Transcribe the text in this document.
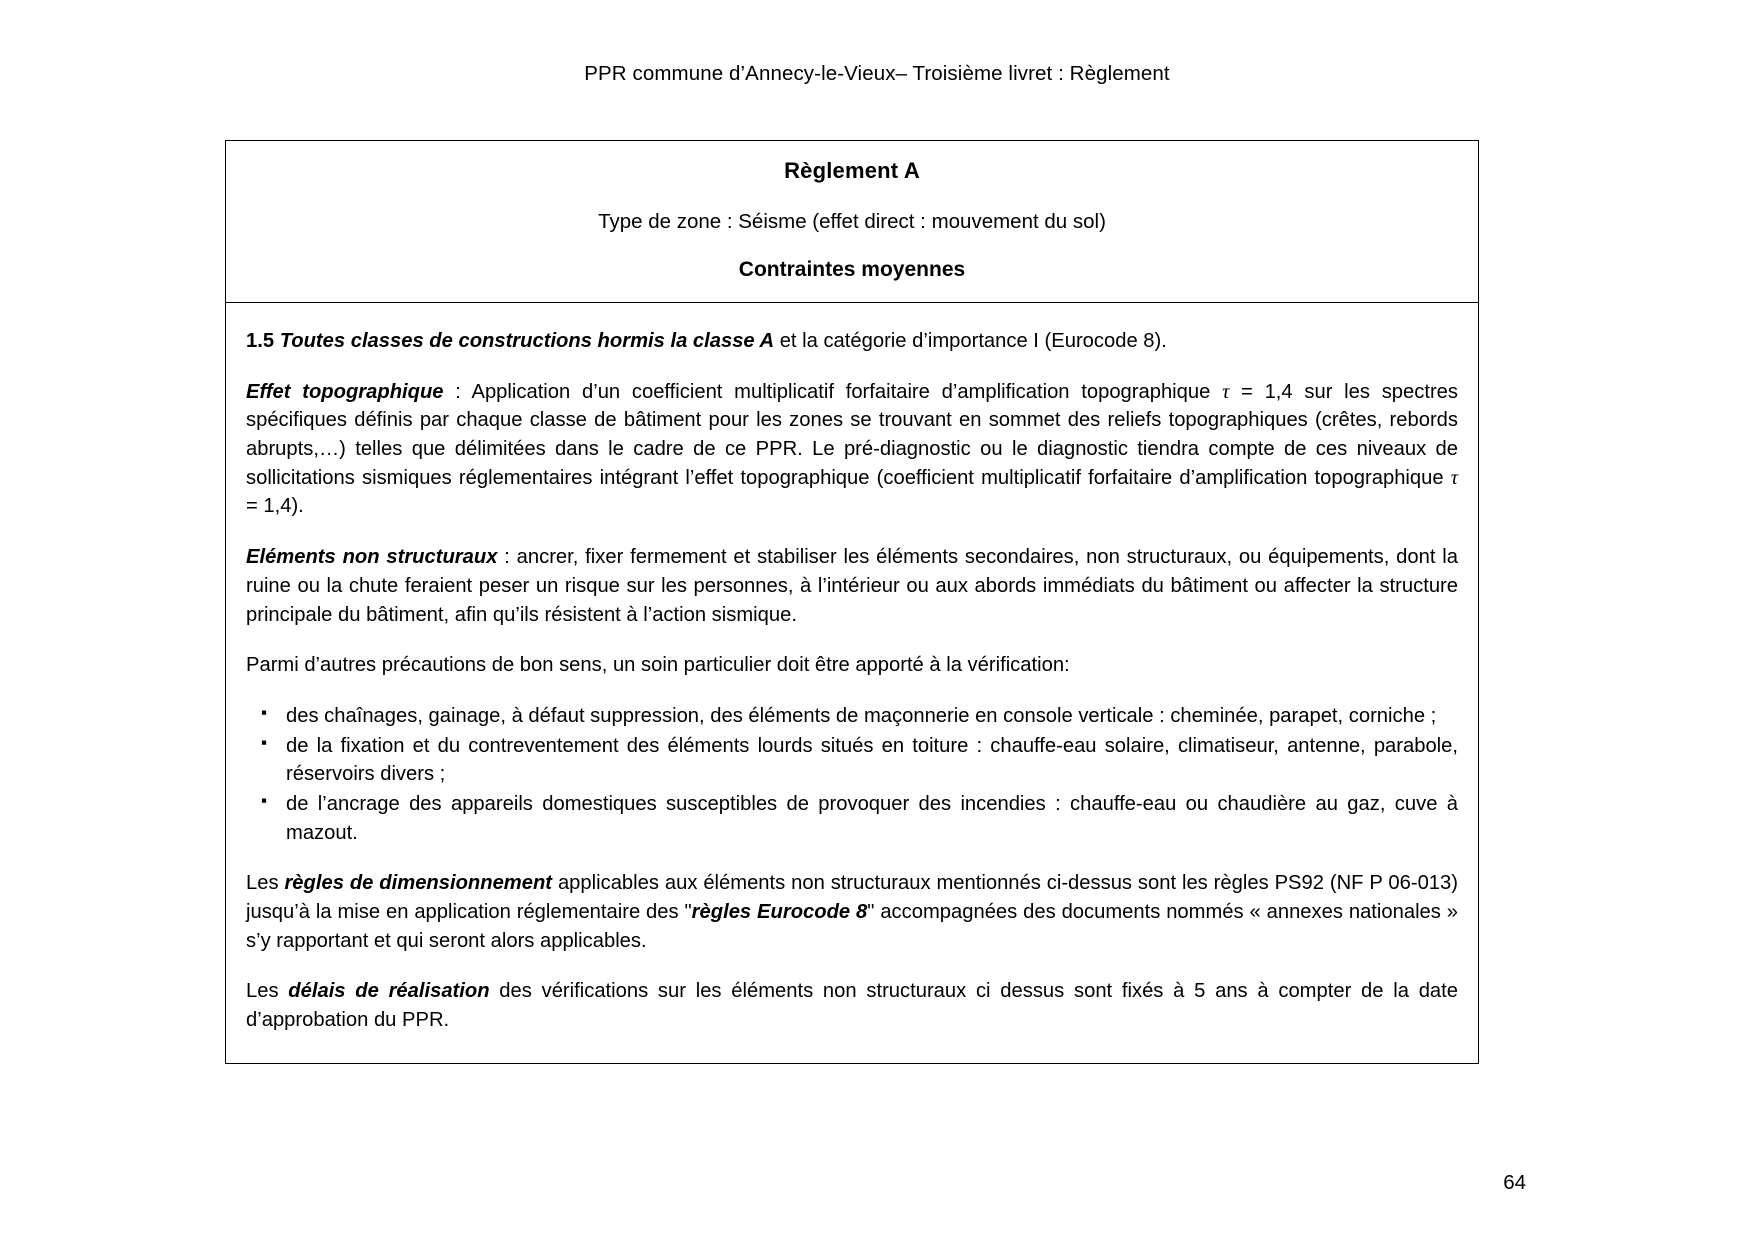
PPR commune d’Annecy-le-Vieux– Troisième livret : Règlement
Règlement A
Type de zone : Séisme (effet direct : mouvement du sol)
Contraintes moyennes

1.5 Toutes classes de constructions hormis la classe A et la catégorie d’importance I (Eurocode 8).

Effet topographique : Application d’un coefficient multiplicatif forfaitaire d’amplification topographique τ = 1,4 sur les spectres spécifiques définis par chaque classe de bâtiment pour les zones se trouvant en sommet des reliefs topographiques (crêtes, rebords abrupts,…) telles que délimitées dans le cadre de ce PPR. Le pré-diagnostic ou le diagnostic tiendra compte de ces niveaux de sollicitations sismiques réglementaires intégrant l’effet topographique (coefficient multiplicatif forfaitaire d’amplification topographique τ = 1,4).

Eléments non structuraux : ancrer, fixer fermement et stabiliser les éléments secondaires, non structuraux, ou équipements, dont la ruine ou la chute feraient peser un risque sur les personnes, à l’intérieur ou aux abords immédiats du bâtiment ou affecter la structure principale du bâtiment, afin qu’ils résistent à l’action sismique.

Parmi d’autres précautions de bon sens, un soin particulier doit être apporté à la vérification:

▪ des chaînages, gainage, à défaut suppression, des éléments de maçonnerie en console verticale : cheminée, parapet, corniche ;
▪ de la fixation et du contreventement des éléments lourds situés en toiture : chauffe-eau solaire, climatiseur, antenne, parabole, réservoirs divers ;
▪ de l’ancrage des appareils domestiques susceptibles de provoquer des incendies : chauffe-eau ou chaudière au gaz, cuve à mazout.

Les règles de dimensionnement applicables aux éléments non structuraux mentionnés ci-dessus sont les règles PS92 (NF P 06-013) jusqu’à la mise en application réglementaire des "règles Eurocode 8" accompagnées des documents nommés « annexes nationales » s’y rapportant et qui seront alors applicables.

Les délais de réalisation des vérifications sur les éléments non structuraux ci dessus sont fixés à 5 ans à compter de la date d’approbation du PPR.

64
